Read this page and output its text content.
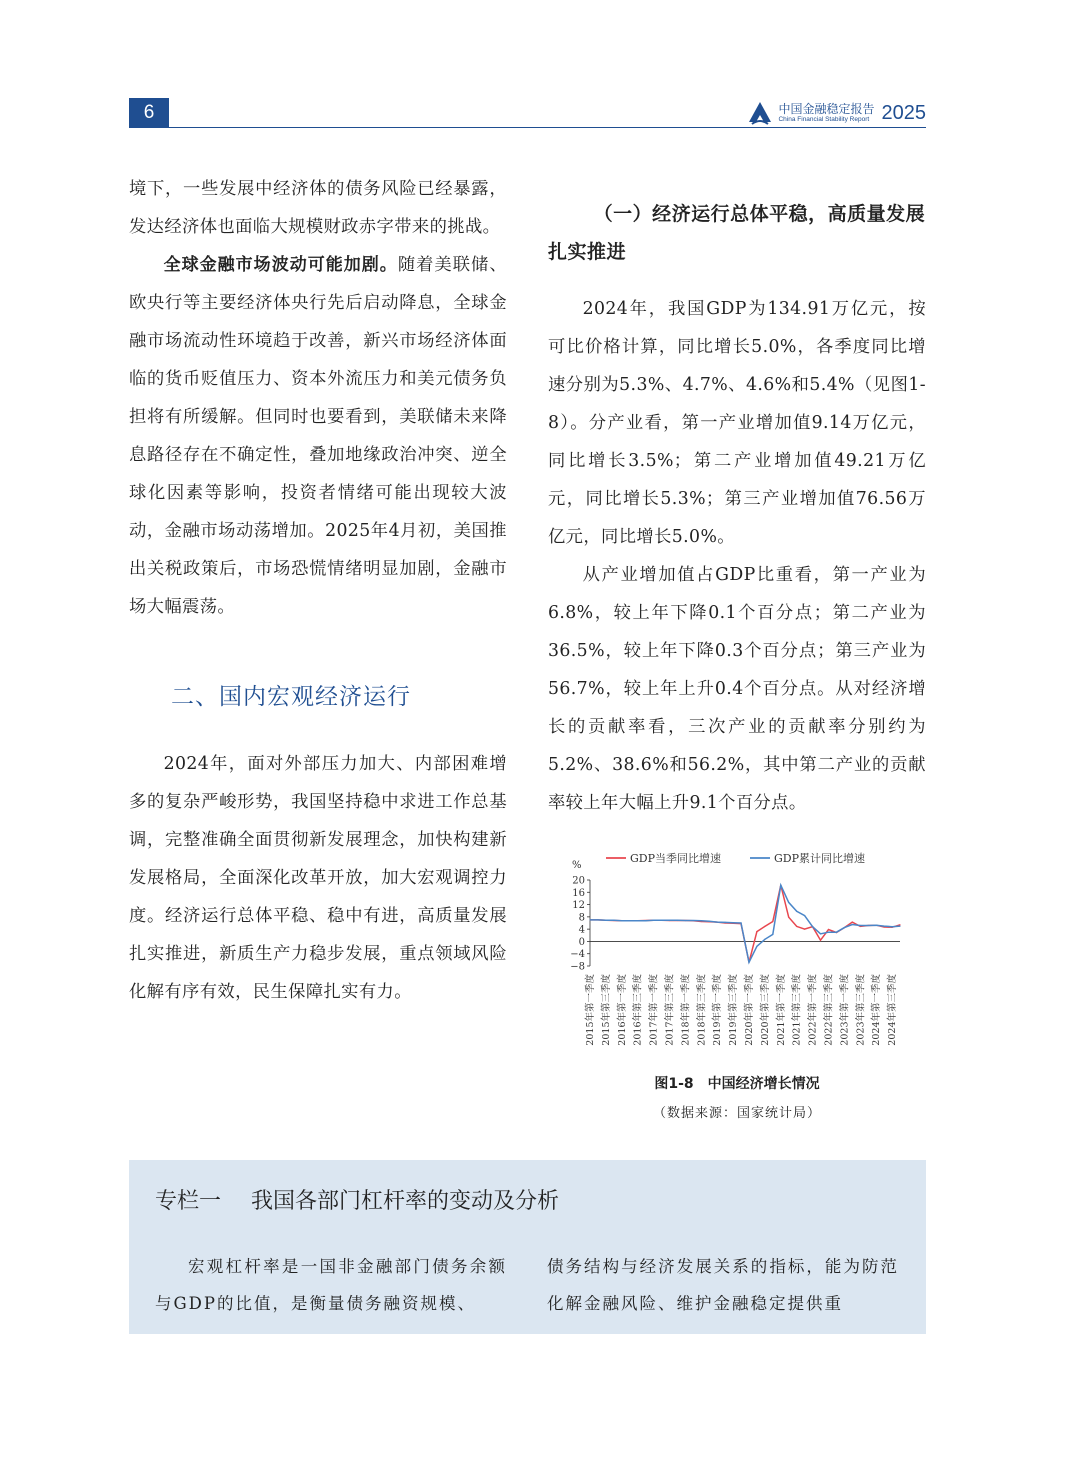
6	中国金融稳定报告
China Financial Stability Report 2025

境下，一些发展中经济体的债务风险已经暴露，发达经济体也面临大规模财政赤字带来的挑战。

全球金融市场波动可能加剧。随着美联储、欧央行等主要经济体央行先后启动降息，全球金融市场流动性环境趋于改善，新兴市场经济体面临的货币贬值压力、资本外流压力和美元债务负担将有所缓解。但同时也要看到，美联储未来降息路径存在不确定性，叠加地缘政治冲突、逆全球化因素等影响，投资者情绪可能出现较大波动，金融市场动荡增加。2025年4月初，美国推出关税政策后，市场恐慌情绪明显加剧，金融市场大幅震荡。

二、国内宏观经济运行

2024年，面对外部压力加大、内部困难增多的复杂严峻形势，我国坚持稳中求进工作总基调，完整准确全面贯彻新发展理念，加快构建新发展格局，全面深化改革开放，加大宏观调控力度。经济运行总体平稳、稳中有进，高质量发展扎实推进，新质生产力稳步发展，重点领域风险化解有序有效，民生保障扎实有力。

（一）经济运行总体平稳，高质量发展扎实推进

2024年，我国GDP为134.91万亿元，按可比价格计算，同比增长5.0%，各季度同比增速分别为5.3%、4.7%、4.6%和5.4%（见图1-8）。分产业看，第一产业增加值9.14万亿元，同比增长3.5%；第二产业增加值49.21万亿元，同比增长5.3%；第三产业增加值76.56万亿元，同比增长5.0%。

从产业增加值占GDP比重看，第一产业为6.8%，较上年下降0.1个百分点；第二产业为36.5%，较上年下降0.3个百分点；第三产业为56.7%，较上年上升0.4个百分点。从对经济增长的贡献率看，三次产业的贡献率分别约为5.2%、38.6%和56.2%，其中第二产业的贡献率较上年大幅上升9.1个百分点。

%
−8
−4
0
4
8
12
16
20
2015年第一季度 2015年第三季度 2016年第一季度 2016年第三季度 2017年第一季度 2017年第三季度 2018年第一季度 2018年第三季度 2019年第一季度 2019年第三季度 2020年第一季度 2020年第三季度 2021年第一季度 2021年第三季度 2022年第一季度 2022年第三季度 2023年第一季度 2023年第三季度 2024年第一季度 2024年第三季度
GDP当季同比增速	GDP累计同比增速
图1-8　中国经济增长情况
（数据来源：国家统计局）
专栏一 我国各部门杠杆率的变动及分析
宏观杠杆率是一国非金融部门债务余额与GDP的比值，是衡量债务融资规模、
债务结构与经济发展关系的指标，能为防范化解金融风险、维护金融稳定提供重
